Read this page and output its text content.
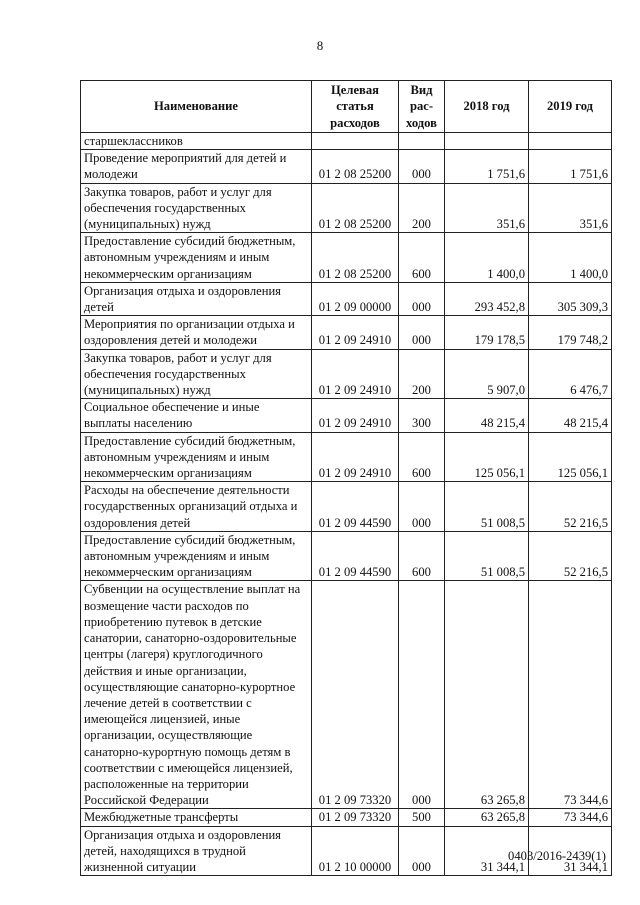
8
Наименование	Целевая статья расходов	Вид рас-ходов	2018 год	2019 год
старшеклассников				
Проведение мероприятий для детей и молодежи	01 2 08 25200	000	1 751,6	1 751,6
Закупка товаров, работ и услуг для обеспечения государственных (муниципальных) нужд	01 2 08 25200	200	351,6	351,6
Предоставление субсидий бюджетным, автономным учреждениям и иным некоммерческим организациям	01 2 08 25200	600	1 400,0	1 400,0
Организация отдыха и оздоровления детей	01 2 09 00000	000	293 452,8	305 309,3
Мероприятия по организации отдыха и оздоровления детей и молодежи	01 2 09 24910	000	179 178,5	179 748,2
Закупка товаров, работ и услуг для обеспечения государственных (муниципальных) нужд	01 2 09 24910	200	5 907,0	6 476,7
Социальное обеспечение и иные выплаты населению	01 2 09 24910	300	48 215,4	48 215,4
Предоставление субсидий бюджетным, автономным учреждениям и иным некоммерческим организациям	01 2 09 24910	600	125 056,1	125 056,1
Расходы на обеспечение деятельности государственных организаций отдыха и оздоровления детей	01 2 09 44590	000	51 008,5	52 216,5
Предоставление субсидий бюджетным, автономным учреждениям и иным некоммерческим организациям	01 2 09 44590	600	51 008,5	52 216,5
Субвенции на осуществление выплат на возмещение части расходов по приобретению путевок в детские санатории, санаторно-оздоровительные центры (лагеря) круглогодичного действия и иные организации, осуществляющие санаторно-курортное лечение детей в соответствии с имеющейся лицензией, иные организации, осуществляющие санаторно-курортную помощь детям в соответствии с имеющейся лицензией, расположенные на территории Российской Федерации	01 2 09 73320	000	63 265,8	73 344,6
Межбюджетные трансферты	01 2 09 73320	500	63 265,8	73 344,6
Организация отдыха и оздоровления детей, находящихся в трудной жизненной ситуации	01 2 10 00000	000	31 344,1	31 344,1
0403/2016-2439(1)
